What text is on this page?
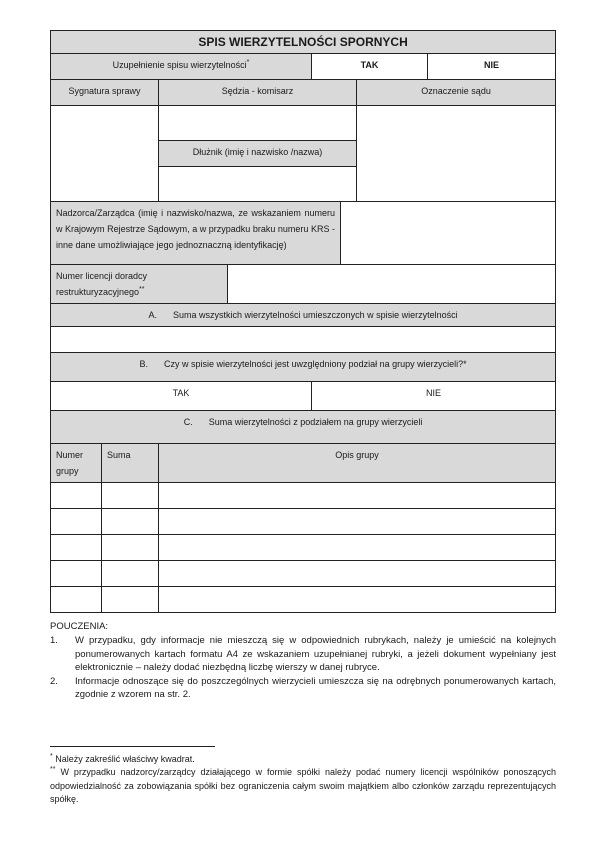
SPIS WIERZYTELNOŚCI SPORNYCH							
Uzupełnienie spisu wierzytelności*				TAK			NIE
Sygnatura sprawy		Sędzia - komisarz				Oznaczenie sądu	

		Dłużnik (imię i nazwisko /nazwa)					

Nadzorca/Zarządca (imię i nazwisko/nazwa, ze wskazaniem numeru w Krajowym Rejestrze Sądowym, a w przypadku braku numeru KRS - inne dane umożliwiające jego jednoznaczną identyfikację)							
Numer licencji doradcy restrukturyzacyjnego**	
A. Suma wszystkich wierzytelności umieszczonych w spisie wierzytelności							

B. Czy w spisie wierzytelności jest uwzględniony podział na grupy wierzycieli?*							
TAK				NIE			
C. Suma wierzytelności z podziałem na grupy wierzycieli							
Numer grupy	Suma	Opis grupy					

POUCZENIA:
1.	W przypadku, gdy informacje nie mieszczą się w odpowiednich rubrykach, należy je umieścić na kolejnych ponumerowanych kartach formatu A4 ze wskazaniem uzupełnianej rubryki, a jeżeli dokument wypełniany jest elektronicznie – należy dodać niezbędną liczbę wierszy w danej rubryce.

2.	Informacje odnoszące się do poszczególnych wierzycieli umieszcza się na odrębnych ponumerowanych kartach, zgodnie z wzorem na str. 2.

* Należy zakreślić właściwy kwadrat.

** W przypadku nadzorcy/zarządcy działającego w formie spółki należy podać numery licencji wspólników ponoszących odpowiedzialność za zobowiązania spółki bez ograniczenia całym swoim majątkiem albo członków zarządu reprezentujących spółkę.
